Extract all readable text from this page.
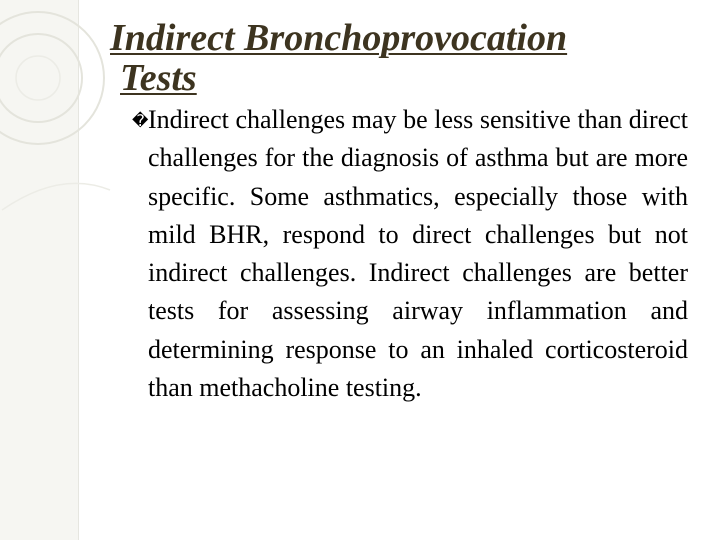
Indirect Bronchoprovocation
Tests
� Indirect challenges may be less sensitive than direct challenges for the diagnosis of asthma but are more specific. Some asthmatics, especially those with mild BHR, respond to direct challenges but not indirect challenges. Indirect challenges are better tests for assessing airway inflammation and determining response to an inhaled corticosteroid than methacholine testing.
